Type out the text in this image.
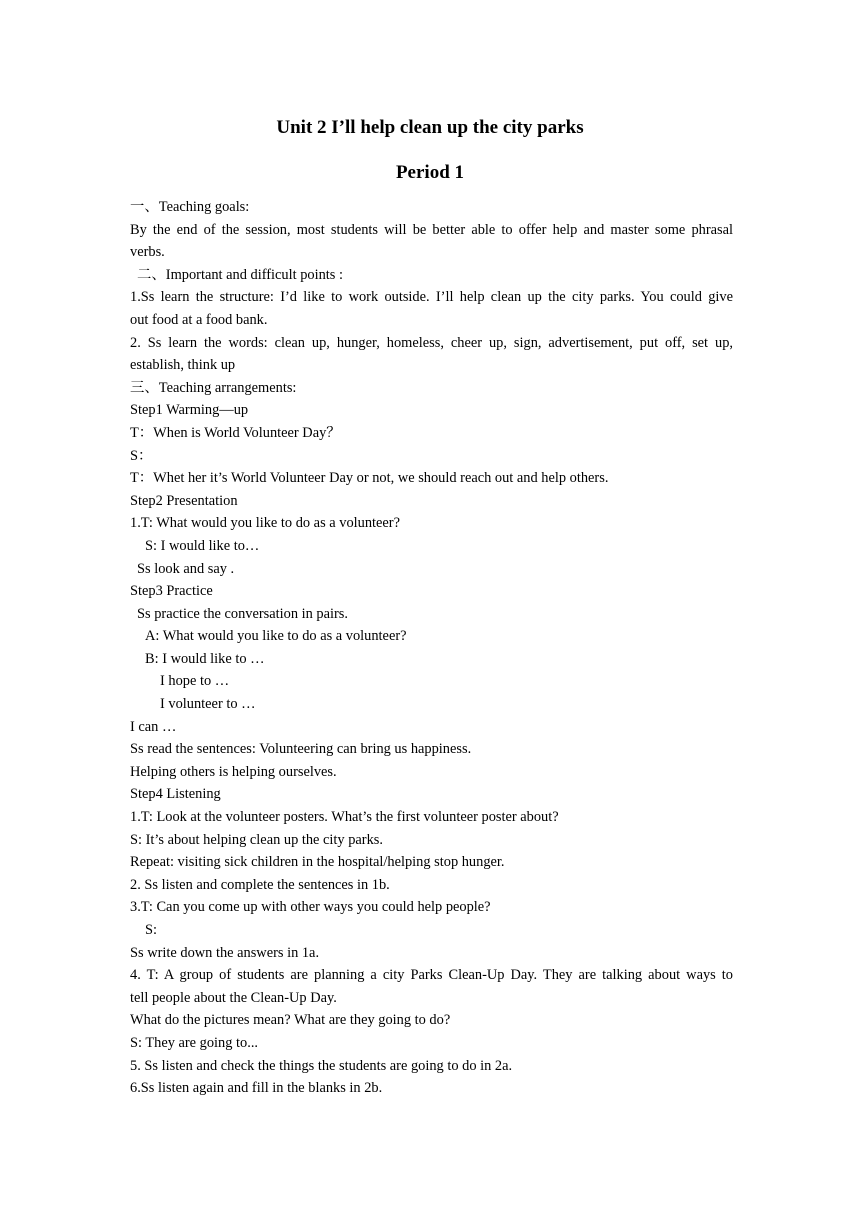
Unit 2 I’ll help clean up the city parks
Period 1
一、Teaching goals:
By the end of the session, most students will be better able to offer help and master some phrasal
verbs.
二、Important and difficult points :
1.Ss learn the structure: I’d like to work outside. I’ll help clean up the city parks. You could give
out food at a food bank.
2. Ss learn the words: clean up, hunger, homeless, cheer up, sign, advertisement, put off, set up,
establish, think up
三、Teaching arrangements:
Step1 Warming—up
T：When is World Volunteer Day？
S：
T：Whet her it’s World Volunteer Day or not, we should reach out and help others.
Step2 Presentation
1.T: What would you like to do as a volunteer?
S: I would like to…
Ss look and say .
Step3 Practice
Ss practice the conversation in pairs.
A: What would you like to do as a volunteer?
B: I would like to …
I hope to …
I volunteer to …
I can …
Ss read the sentences: Volunteering can bring us happiness.
Helping others is helping ourselves.
Step4 Listening
1.T: Look at the volunteer posters. What’s the first volunteer poster about?
S: It’s about helping clean up the city parks.
Repeat: visiting sick children in the hospital/helping stop hunger.
2. Ss listen and complete the sentences in 1b.
3.T: Can you come up with other ways you could help people?
S:
Ss write down the answers in 1a.
4. T: A group of students are planning a city Parks Clean-Up Day. They are talking about ways to
tell people about the Clean-Up Day.
What do the pictures mean? What are they going to do?
S: They are going to...
5. Ss listen and check the things the students are going to do in 2a.
6.Ss listen again and fill in the blanks in 2b.
